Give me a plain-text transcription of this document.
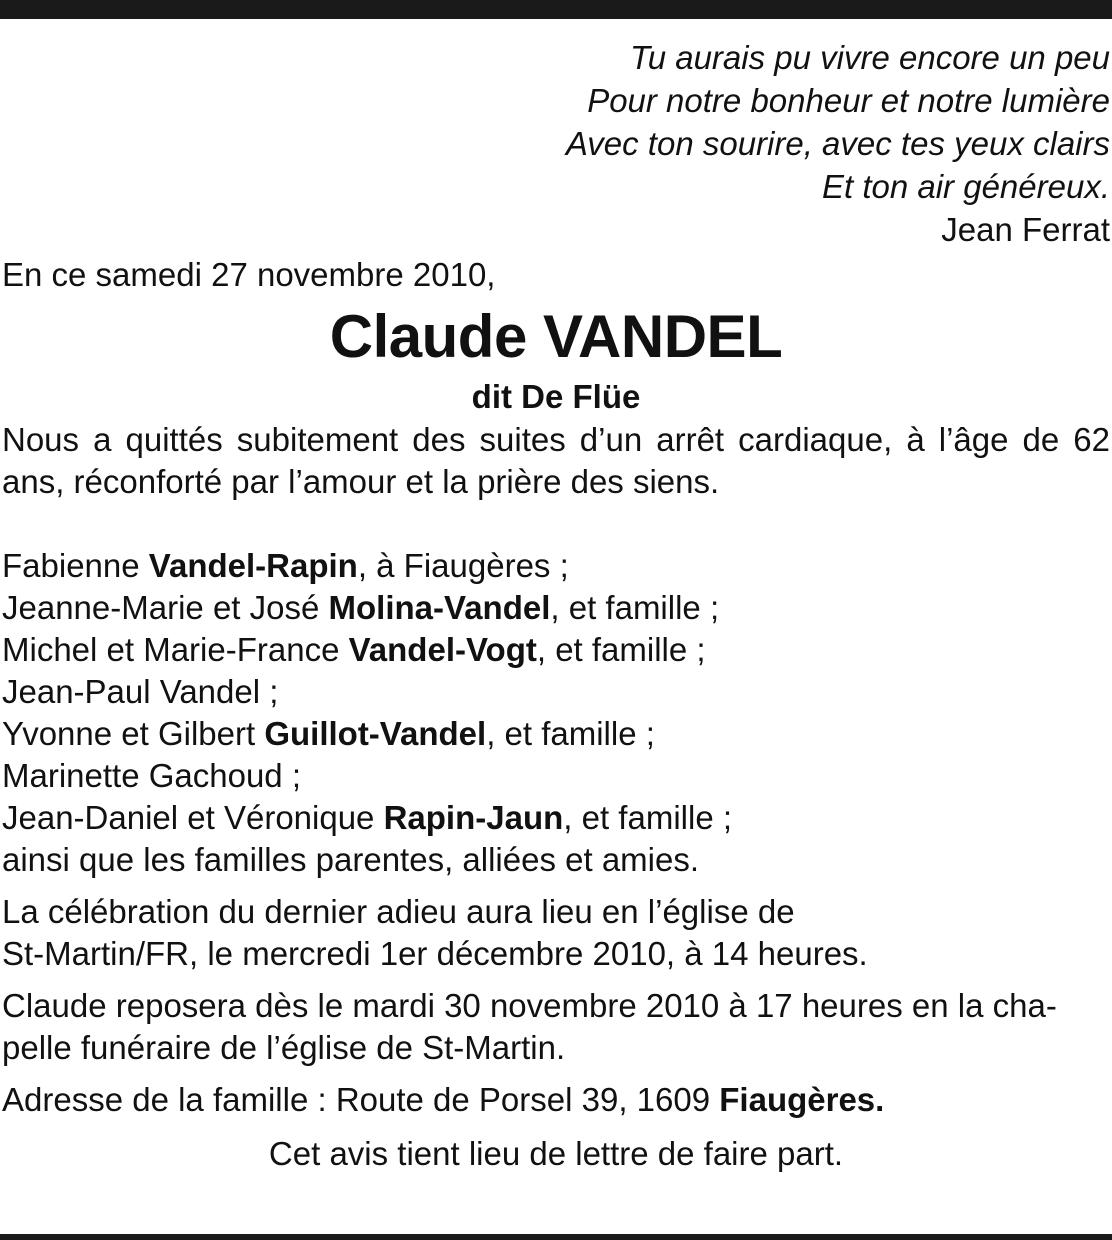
Tu aurais pu vivre encore un peu
Pour notre bonheur et notre lumière
Avec ton sourire, avec tes yeux clairs
Et ton air généreux.
Jean Ferrat

En ce samedi 27 novembre 2010,

Claude VANDEL

dit De Flüe

Nous a quittés subitement des suites d’un arrêt cardiaque, à l’âge de 62 ans, réconforté par l’amour et la prière des siens.

Fabienne Vandel-Rapin, à Fiaugères ;
Jeanne-Marie et José Molina-Vandel, et famille ;
Michel et Marie-France Vandel-Vogt, et famille ;
Jean-Paul Vandel ;
Yvonne et Gilbert Guillot-Vandel, et famille ;
Marinette Gachoud ;
Jean-Daniel et Véronique Rapin-Jaun, et famille ;
ainsi que les familles parentes, alliées et amies.
La célébration du dernier adieu aura lieu en l’église de
St-Martin/FR, le mercredi 1er décembre 2010, à 14 heures.
Claude reposera dès le mardi 30 novembre 2010 à 17 heures en la cha-
pelle funéraire de l’église de St-Martin.
Adresse de la famille : Route de Porsel 39, 1609 Fiaugères.

Cet avis tient lieu de lettre de faire part.
